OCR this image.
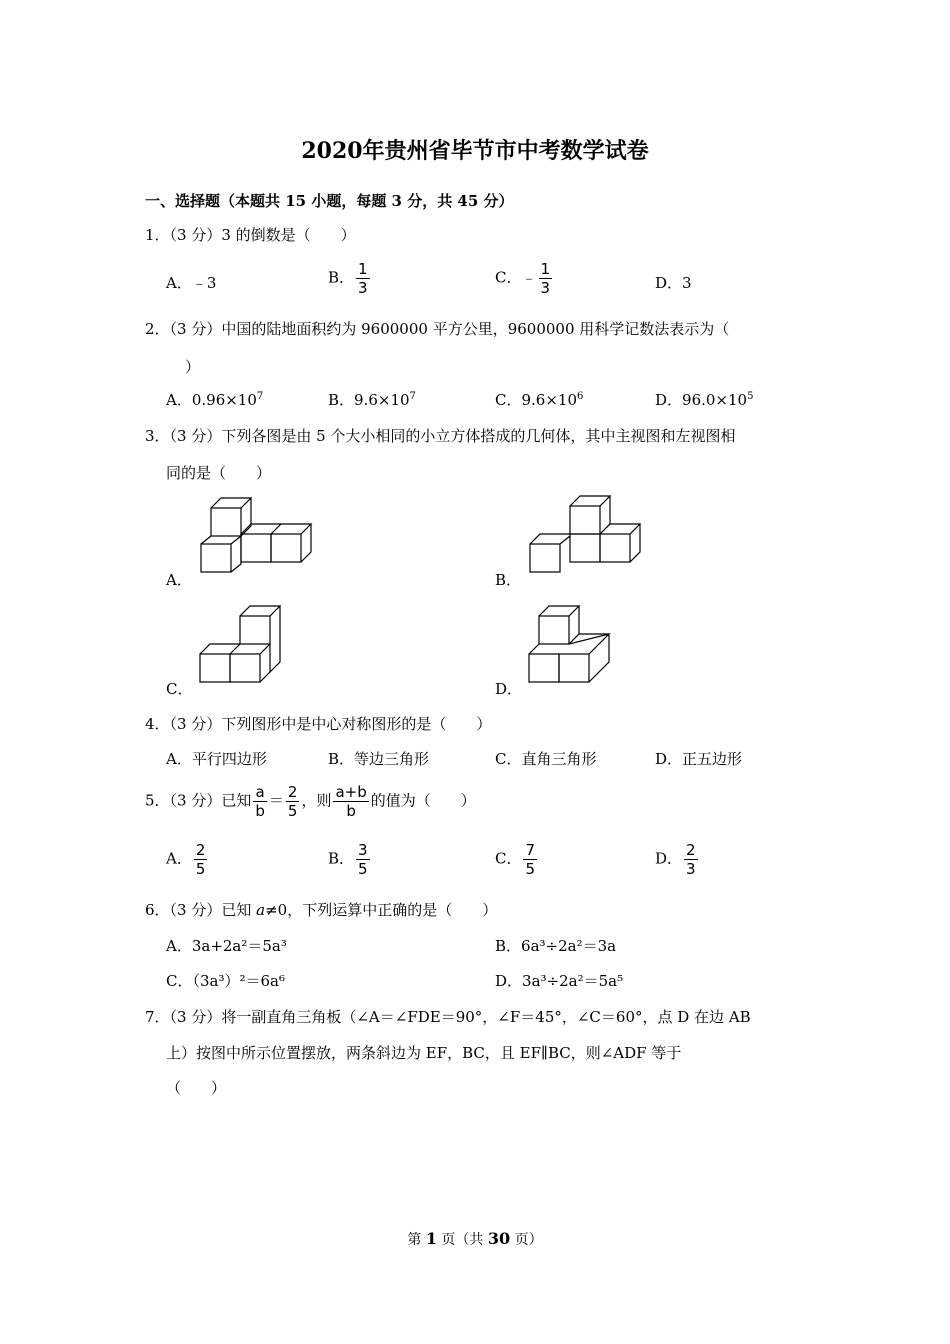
2020年贵州省毕节市中考数学试卷
一、选择题（本题共 15 小题，每题 3 分，共 45 分）
1．（3 分）3 的倒数是（　　）
A．﹣3	B． $\frac{1}{3}$	C．﹣ $\frac{1}{3}$	D．3
2．（3 分）中国的陆地面积约为 9600000 平方公里，9600000 用科学记数法表示为（
）
A．$0.96\times 10^7$	B．$9.6\times 10^7$	C．$9.6\times 10^6$	D．$96.0\times 10^5$
3．（3 分）下列各图是由 5 个大小相同的小立方体搭成的几何体，其中主视图和左视图相
同的是（　　）
A．	B．
C．	D．
4．（3 分）下列图形中是中心对称图形的是（　　）
A．平行四边形	B．等边三角形	C．直角三角形	D．正五边形
5．（3 分）已知 $\frac{a}{b} = \frac{2}{5}$ ，则 $\frac{a+b}{b}$ 的值为（　　）
A． $\frac{2}{5}$	B． $\frac{3}{5}$	C． $\frac{7}{5}$	D． $\frac{2}{3}$
6．（3 分）已知 a≠0，下列运算中正确的是（　　）
A．3a+2a²＝5a³	B．6a³÷2a²＝3a
C．（3a³）²＝6a⁶	D．3a³÷2a²＝5a⁵
7．（3 分）将一副直角三角板（∠A＝∠FDE＝90°，∠F＝45°，∠C＝60°，点 D 在边 AB
上）按图中所示位置摆放，两条斜边为 EF，BC，且 EF∥BC，则∠ADF 等于
（　　）
第 1 页（共 30 页）
